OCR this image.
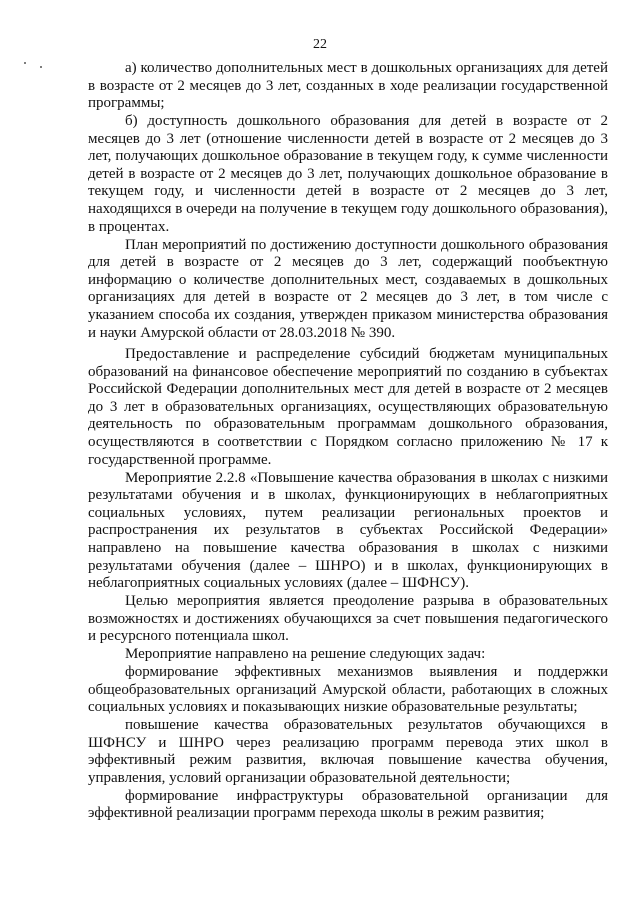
22

а) количество дополнительных мест в дошкольных организациях для детей в возрасте от 2 месяцев до 3 лет, созданных в ходе реализации государственной программы;

б) доступность дошкольного образования для детей в возрасте от 2 месяцев до 3 лет (отношение численности детей в возрасте от 2 месяцев до 3 лет, получающих дошкольное образование в текущем году, к сумме численности детей в возрасте от 2 месяцев до 3 лет, получающих дошкольное образование в текущем году, и численности детей в возрасте от 2 месяцев до 3 лет, находящихся в очереди на получение в текущем году дошкольного образования), в процентах.

План мероприятий по достижению доступности дошкольного образования для детей в возрасте от 2 месяцев до 3 лет, содержащий пообъектную информацию о количестве дополнительных мест, создаваемых в дошкольных организациях для детей в возрасте от 2 месяцев до 3 лет, в том числе с указанием способа их создания, утвержден приказом министерства образования и науки Амурской области от 28.03.2018 № 390.

Предоставление и распределение субсидий бюджетам муниципальных образований на финансовое обеспечение мероприятий по созданию в субъектах Российской Федерации дополнительных мест для детей в возрасте от 2 месяцев до 3 лет в образовательных организациях, осуществляющих образовательную деятельность по образовательным программам дошкольного образования, осуществляются в соответствии с Порядком согласно приложению № 17 к государственной программе.

Мероприятие 2.2.8 «Повышение качества образования в школах с низкими результатами обучения и в школах, функционирующих в неблагоприятных социальных условиях, путем реализации региональных проектов и распространения их результатов в субъектах Российской Федерации» направлено на повышение качества образования в школах с низкими результатами обучения (далее – ШНРО) и в школах, функционирующих в неблагоприятных социальных условиях (далее – ШФНСУ).

Целью мероприятия является преодоление разрыва в образовательных возможностях и достижениях обучающихся за счет повышения педагогического и ресурсного потенциала школ.

Мероприятие направлено на решение следующих задач:

формирование эффективных механизмов выявления и поддержки общеобразовательных организаций Амурской области, работающих в сложных социальных условиях и показывающих низкие образовательные результаты;

повышение качества образовательных результатов обучающихся в ШФНСУ и ШНРО через реализацию программ перевода этих школ в эффективный режим развития, включая повышение качества обучения, управления, условий организации образовательной деятельности;

формирование инфраструктуры образовательной организации для эффективной реализации программ перехода школы в режим развития;
